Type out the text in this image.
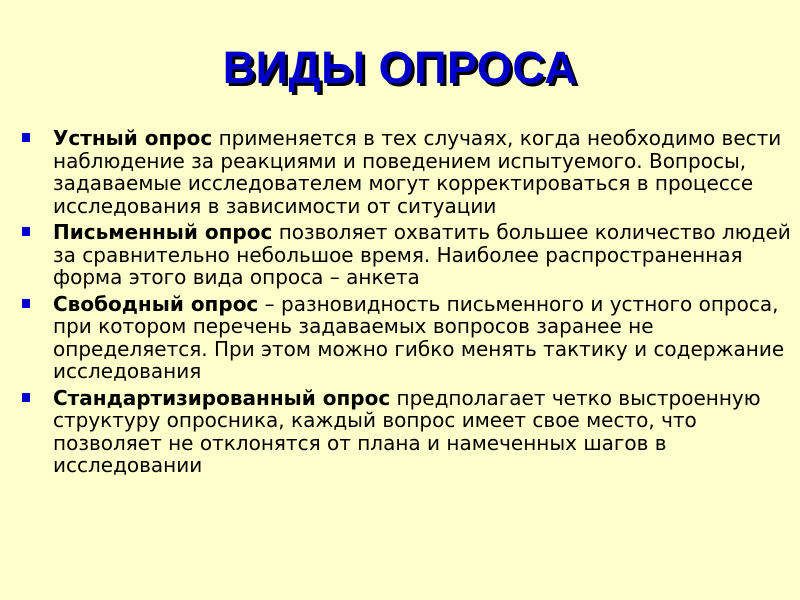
ВИДЫ ОПРОСА
Устный опрос применяется в тех случаях, когда необходимо вести наблюдение за реакциями и поведением испытуемого. Вопросы, задаваемые исследователем могут корректироваться в процессе исследования в зависимости от ситуации
Письменный опрос позволяет охватить большее количество людей за сравнительно небольшое время. Наиболее распространенная форма этого вида опроса – анкета
Свободный опрос – разновидность письменного и устного опроса, при котором перечень задаваемых вопросов заранее не определяется. При этом можно гибко менять тактику и содержание исследования
Стандартизированный опрос предполагает четко выстроенную структуру опросника, каждый вопрос имеет свое место, что позволяет не отклонятся от плана и намеченных шагов в исследовании
